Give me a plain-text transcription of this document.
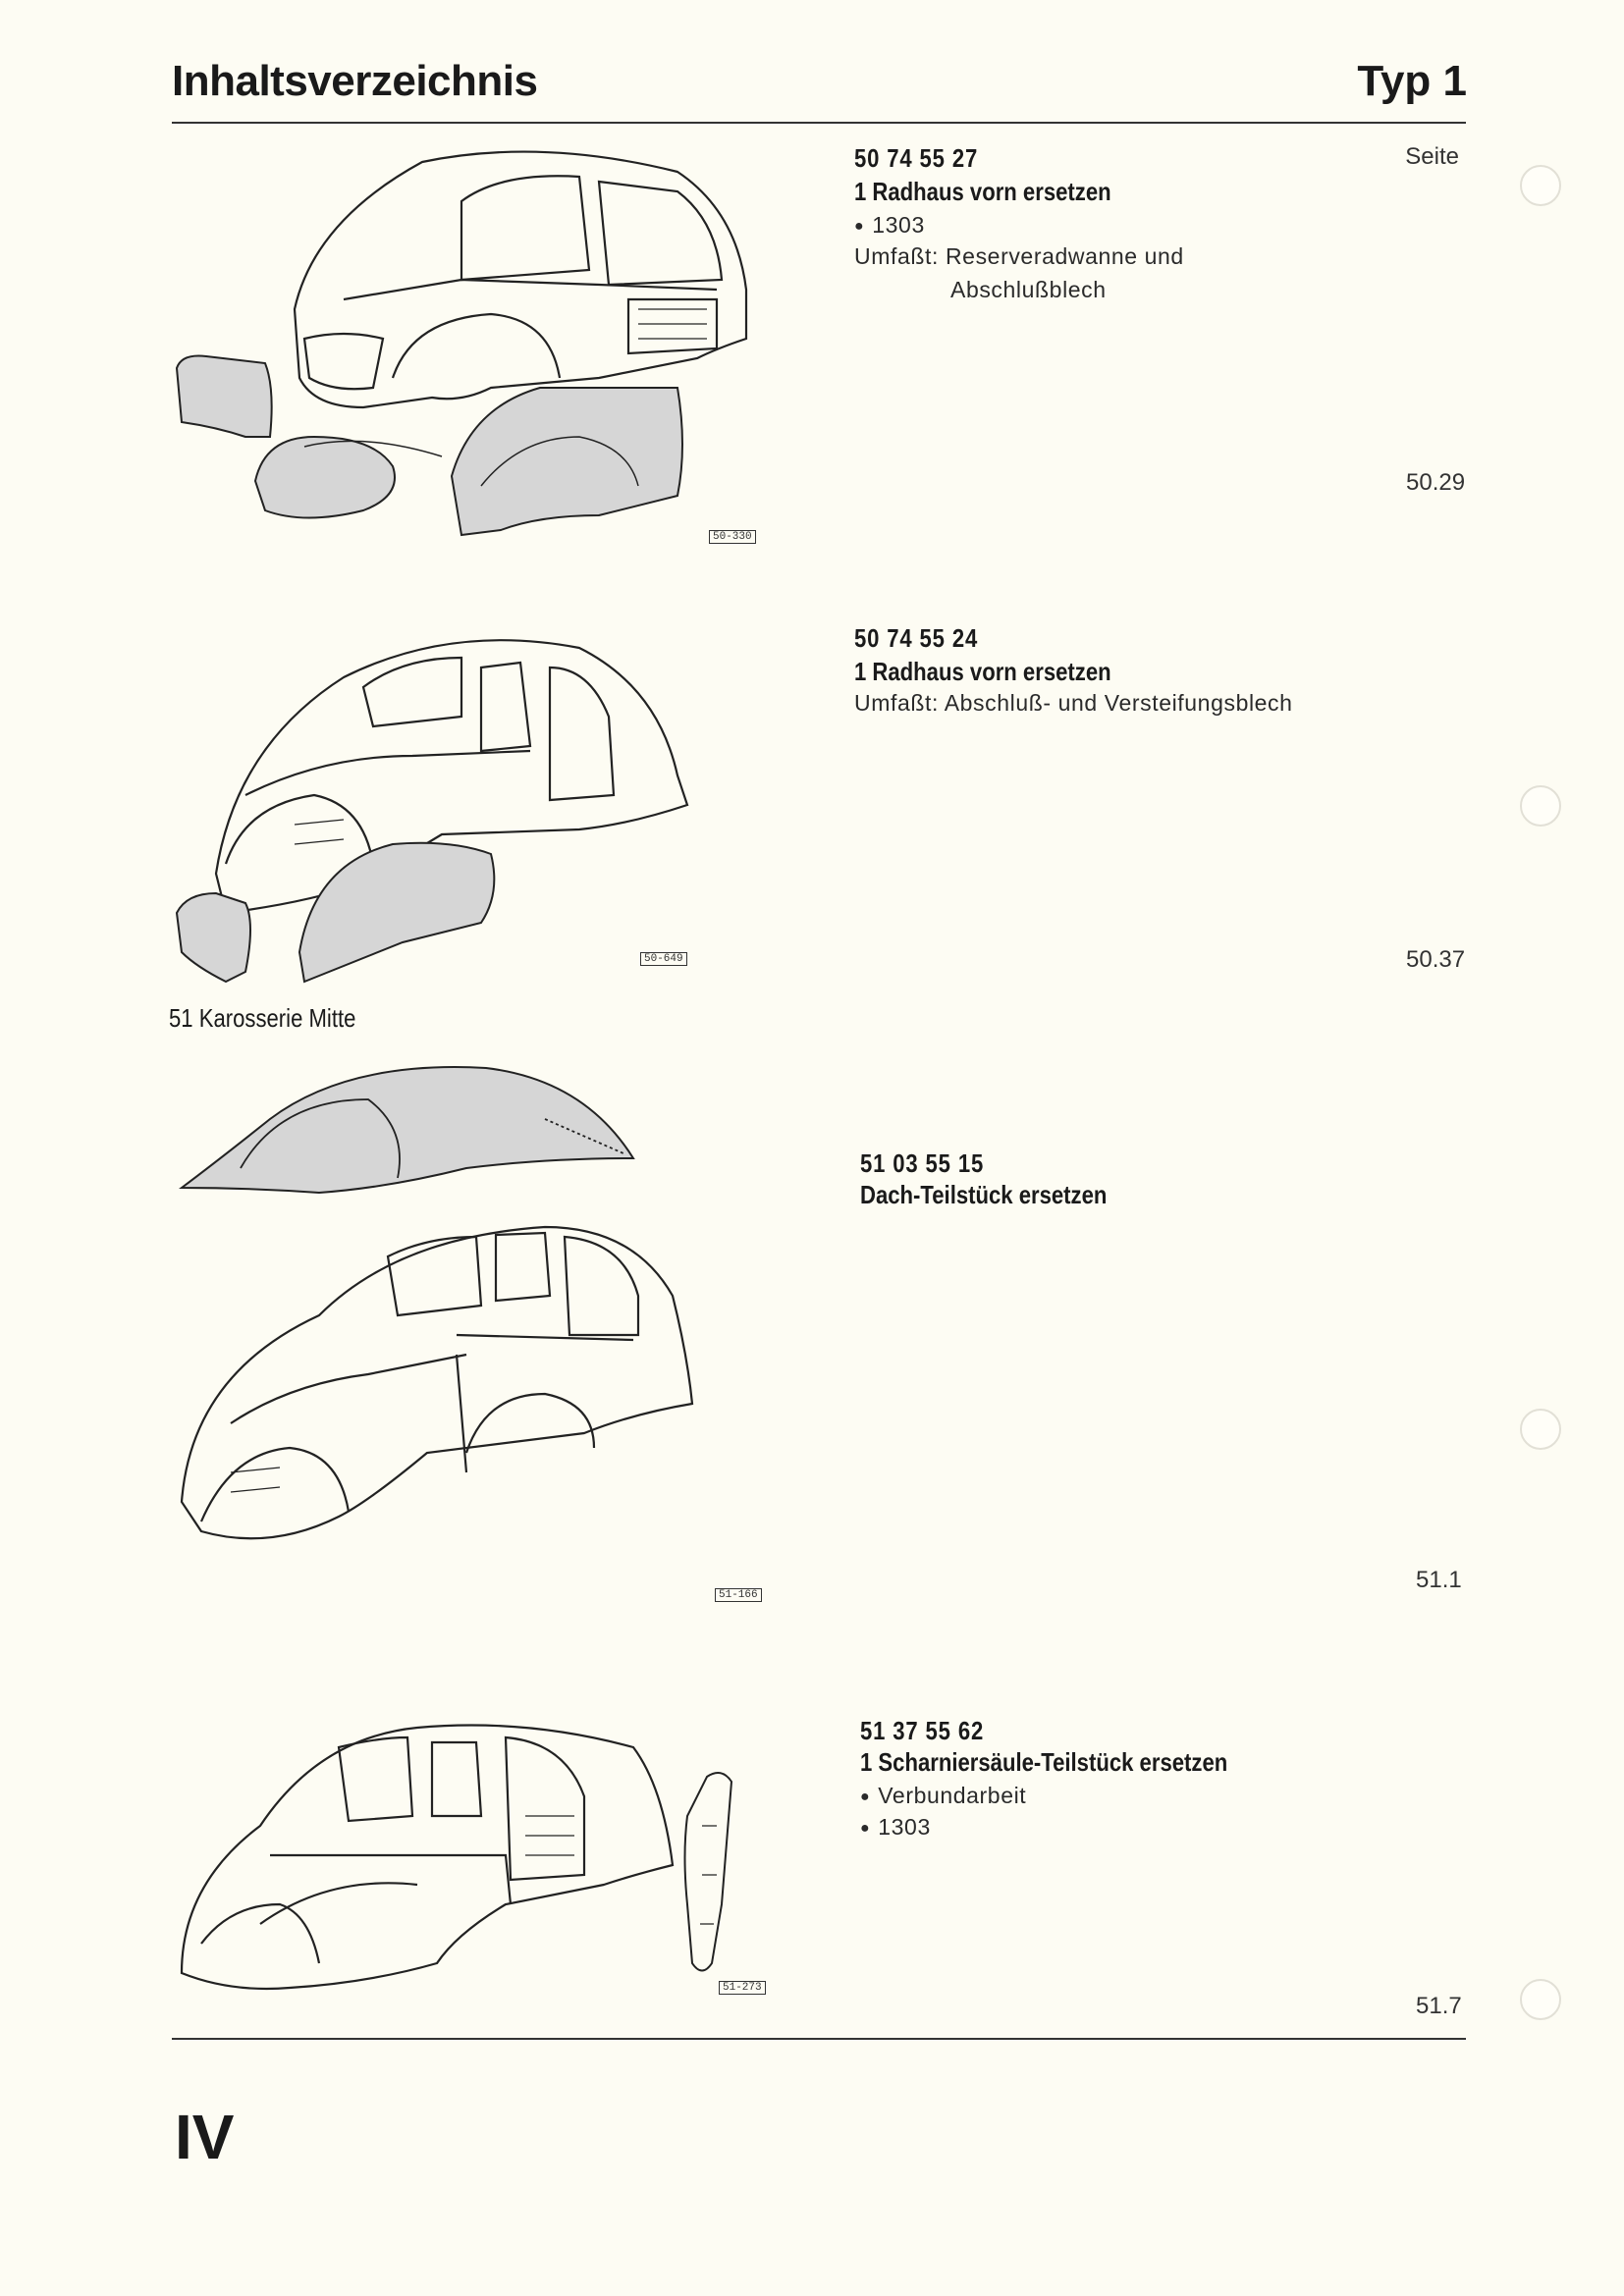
Inhaltsverzeichnis	Typ 1
Seite
50-330
50 74 55 27
1 Radhaus vorn ersetzen
● 1303
Umfaßt: Reserveradwanne und
Abschlußblech
50.29
50-649
50 74 55 24
1 Radhaus vorn ersetzen
Umfaßt: Abschluß- und Versteifungsblech
50.37
51 Karosserie Mitte
51-166
51 03 55 15
Dach-Teilstück ersetzen
51.1
51-273
51 37 55 62
1 Scharniersäule-Teilstück ersetzen
● Verbundarbeit
● 1303
51.7
IV
